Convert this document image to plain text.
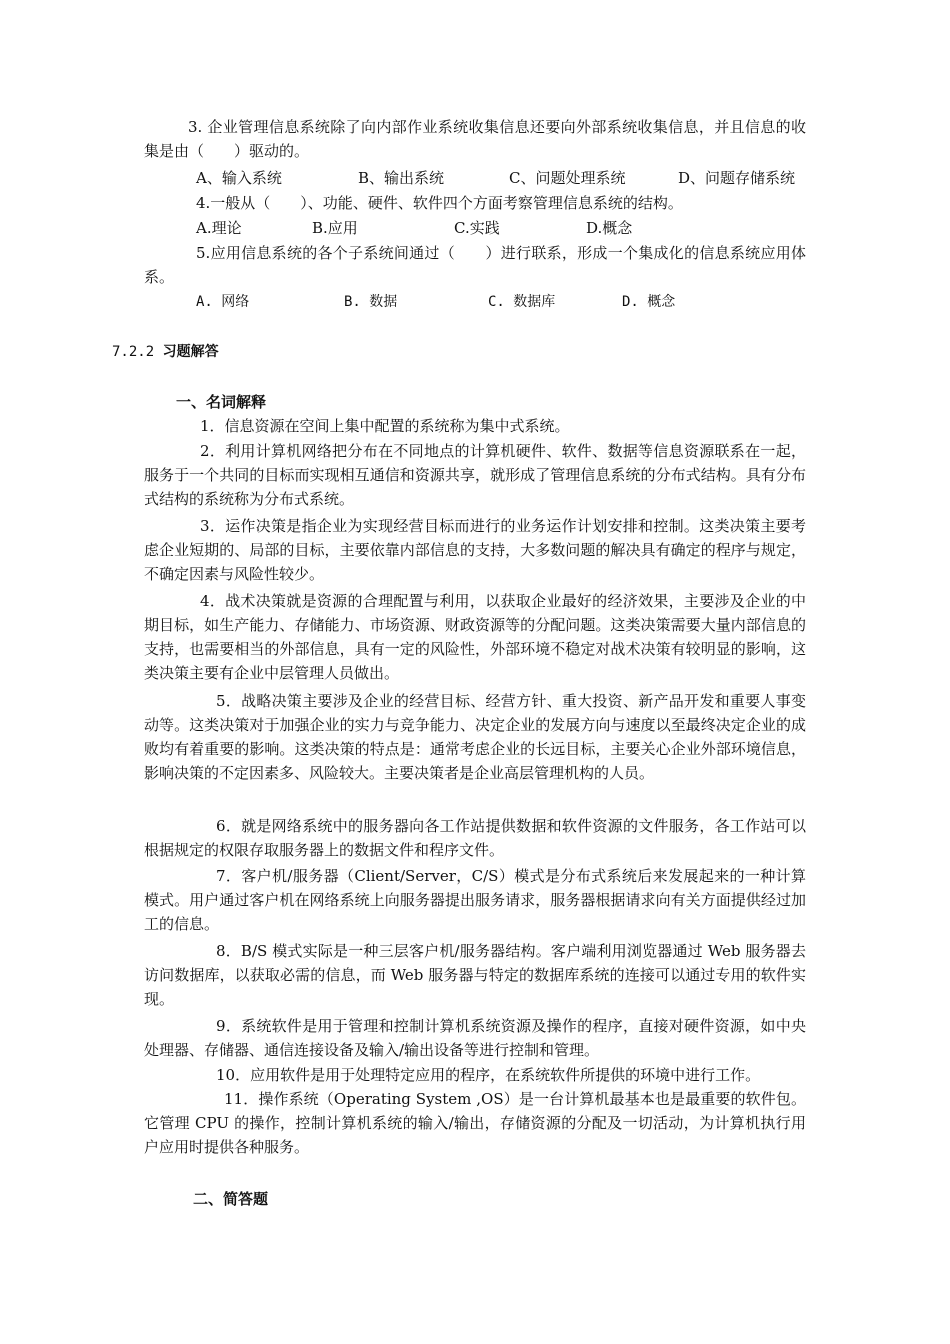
3. 企业管理信息系统除了向内部作业系统收集信息还要向外部系统收集信息，并且信息的收集是由（　　）驱动的。

A、输入系统	B、输出系统	C、问题处理系统	D、问题存储系统

4.一般从（　　）、功能、硬件、软件四个方面考察管理信息系统的结构。

A.理论	B.应用	C.实践	D.概念

5.应用信息系统的各个子系统间通过（　　）进行联系，形成一个集成化的信息系统应用体系。

A. 网络	B. 数据	C. 数据库	D. 概念
7.2.2 习题解答
一、名词解释

1．信息资源在空间上集中配置的系统称为集中式系统。

2．利用计算机网络把分布在不同地点的计算机硬件、软件、数据等信息资源联系在一起，服务于一个共同的目标而实现相互通信和资源共享，就形成了管理信息系统的分布式结构。具有分布式结构的系统称为分布式系统。

3．运作决策是指企业为实现经营目标而进行的业务运作计划安排和控制。这类决策主要考虑企业短期的、局部的目标，主要依靠内部信息的支持，大多数问题的解决具有确定的程序与规定，不确定因素与风险性较少。

4．战术决策就是资源的合理配置与利用，以获取企业最好的经济效果，主要涉及企业的中期目标，如生产能力、存储能力、市场资源、财政资源等的分配问题。这类决策需要大量内部信息的支持，也需要相当的外部信息，具有一定的风险性，外部环境不稳定对战术决策有较明显的影响，这类决策主要有企业中层管理人员做出。

5．战略决策主要涉及企业的经营目标、经营方针、重大投资、新产品开发和重要人事变动等。这类决策对于加强企业的实力与竞争能力、决定企业的发展方向与速度以至最终决定企业的成败均有着重要的影响。这类决策的特点是：通常考虑企业的长远目标，主要关心企业外部环境信息，影响决策的不定因素多、风险较大。主要决策者是企业高层管理机构的人员。

6．就是网络系统中的服务器向各工作站提供数据和软件资源的文件服务，各工作站可以根据规定的权限存取服务器上的数据文件和程序文件。

7．客户机/服务器（Client/Server，C/S）模式是分布式系统后来发展起来的一种计算模式。用户通过客户机在网络系统上向服务器提出服务请求，服务器根据请求向有关方面提供经过加工的信息。

8．B/S 模式实际是一种三层客户机/服务器结构。客户端利用浏览器通过 Web 服务器去访问数据库，以获取必需的信息，而 Web 服务器与特定的数据库系统的连接可以通过专用的软件实现。

9．系统软件是用于管理和控制计算机系统资源及操作的程序，直接对硬件资源，如中央处理器、存储器、通信连接设备及输入/输出设备等进行控制和管理。

10．应用软件是用于处理特定应用的程序，在系统软件所提供的环境中进行工作。

11．操作系统（Operating System ,OS）是一台计算机最基本也是最重要的软件包。它管理 CPU 的操作，控制计算机系统的输入/输出，存储资源的分配及一切活动，为计算机执行用户应用时提供各种服务。

二、简答题
